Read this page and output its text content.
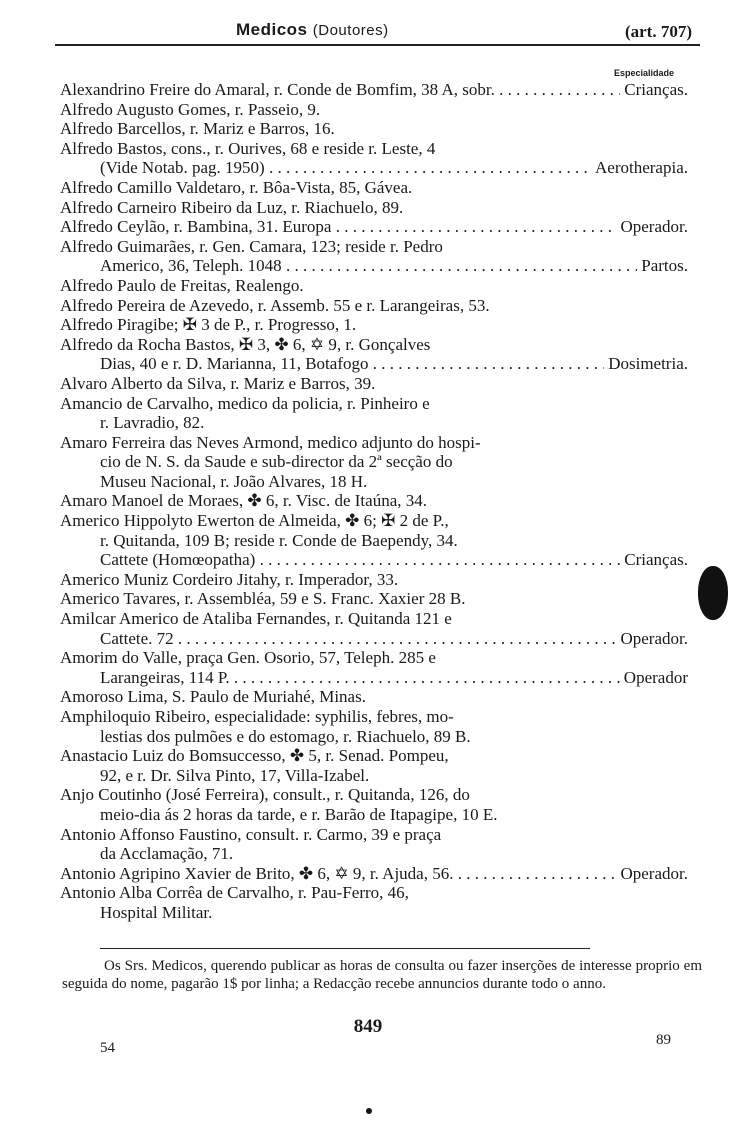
Medicos (Doutores)	(art. 707)
Especialidade
Alexandrino Freire do Amaral, r. Conde de Bomfim, 38 A, sobr. . . .	Crianças.
Alfredo Augusto Gomes, r. Passeio, 9.
Alfredo Barcellos, r. Mariz e Barros, 16.
Alfredo Bastos, cons., r. Ourives, 68 e reside r. Leste, 4
(Vide Notab. pag. 1950) . . .	Aerotherapia.
Alfredo Camillo Valdetaro, r. Bôa-Vista, 85, Gávea.
Alfredo Carneiro Ribeiro da Luz, r. Riachuelo, 89.
Alfredo Ceylão, r. Bambina, 31. Europa . . .	Operador.
Alfredo Guimarães, r. Gen. Camara, 123; reside r. Pedro
Americo, 36, Teleph. 1048 . . .	Partos.
Alfredo Paulo de Freitas, Realengo.
Alfredo Pereira de Azevedo, r. Assemb. 55 e r. Larangeiras, 53.
Alfredo Piragibe; ✠ 3 de P., r. Progresso, 1.
Alfredo da Rocha Bastos, ✠ 3, ✤ 6, ✡ 9, r. Gonçalves
Dias, 40 e r. D. Marianna, 11, Botafogo . . .	Dosimetria.
Alvaro Alberto da Silva, r. Mariz e Barros, 39.
Amancio de Carvalho, medico da policia, r. Pinheiro e
r. Lavradio, 82.
Amaro Ferreira das Neves Armond, medico adjunto do hospi-
cio de N. S. da Saude e sub-director da 2ª secção do
Museu Nacional, r. João Alvares, 18 H.
Amaro Manoel de Moraes, ✤ 6, r. Visc. de Itaúna, 34.
Americo Hippolyto Ewerton de Almeida, ✤ 6; ✠ 2 de P.,
r. Quitanda, 109 B; reside r. Conde de Baependy, 34.
Cattete (Homœopatha) . . .	Crianças.
Americo Muniz Cordeiro Jitahy, r. Imperador, 33.
Americo Tavares, r. Assembléa, 59 e S. Franc. Xaxier 28 B.
Amilcar Americo de Ataliba Fernandes, r. Quitanda 121 e
Cattete. 72 . . .	Operador.
Amorim do Valle, praça Gen. Osorio, 57, Teleph. 285 e
Larangeiras, 114 P. . . .	Operador
Amoroso Lima, S. Paulo de Muriahé, Minas.
Amphiloquio Ribeiro, especialidade: syphilis, febres, mo-
lestias dos pulmões e do estomago, r. Riachuelo, 89 B.
Anastacio Luiz do Bomsuccesso, ✤ 5, r. Senad. Pompeu,
92, e r. Dr. Silva Pinto, 17, Villa-Izabel.
Anjo Coutinho (José Ferreira), consult., r. Quitanda, 126, do
meio-dia ás 2 horas da tarde, e r. Barão de Itapagipe, 10 E.
Antonio Affonso Faustino, consult. r. Carmo, 39 e praça
da Acclamação, 71.
Antonio Agripino Xavier de Brito, ✤ 6, ✡ 9, r. Ajuda, 56. . . .	Operador.
Antonio Alba Corrêa de Carvalho, r. Pau-Ferro, 46,
Hospital Militar.
Os Srs. Medicos, querendo publicar as horas de consulta ou fazer inserções de interesse proprio em seguida do nome, pagarão 1$ por linha; a Redacção recebe annuncios durante todo o anno.
849
54	89
